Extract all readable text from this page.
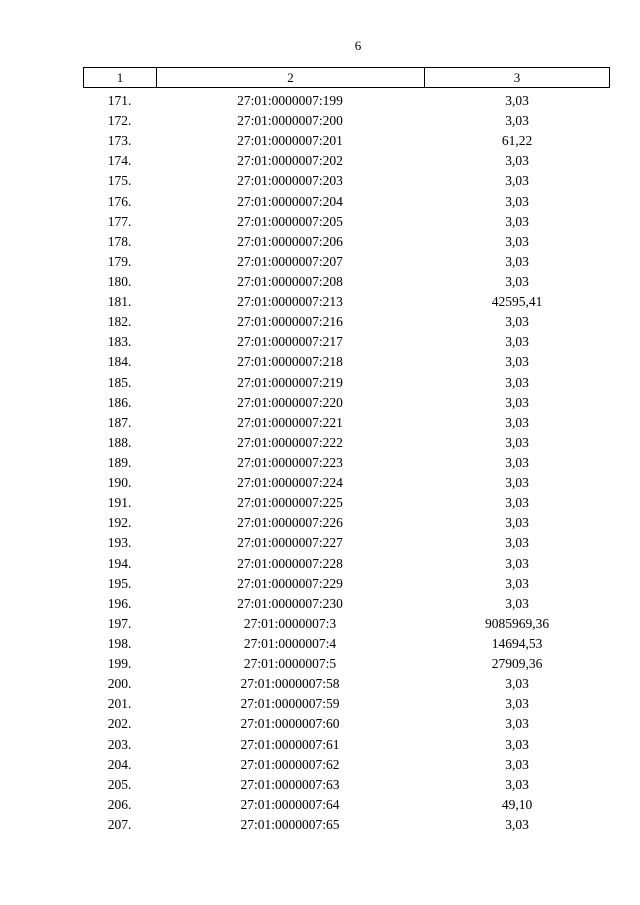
6
1	2	3
171.	27:01:0000007:199	3,03
172.	27:01:0000007:200	3,03
173.	27:01:0000007:201	61,22
174.	27:01:0000007:202	3,03
175.	27:01:0000007:203	3,03
176.	27:01:0000007:204	3,03
177.	27:01:0000007:205	3,03
178.	27:01:0000007:206	3,03
179.	27:01:0000007:207	3,03
180.	27:01:0000007:208	3,03
181.	27:01:0000007:213	42595,41
182.	27:01:0000007:216	3,03
183.	27:01:0000007:217	3,03
184.	27:01:0000007:218	3,03
185.	27:01:0000007:219	3,03
186.	27:01:0000007:220	3,03
187.	27:01:0000007:221	3,03
188.	27:01:0000007:222	3,03
189.	27:01:0000007:223	3,03
190.	27:01:0000007:224	3,03
191.	27:01:0000007:225	3,03
192.	27:01:0000007:226	3,03
193.	27:01:0000007:227	3,03
194.	27:01:0000007:228	3,03
195.	27:01:0000007:229	3,03
196.	27:01:0000007:230	3,03
197.	27:01:0000007:3	9085969,36
198.	27:01:0000007:4	14694,53
199.	27:01:0000007:5	27909,36
200.	27:01:0000007:58	3,03
201.	27:01:0000007:59	3,03
202.	27:01:0000007:60	3,03
203.	27:01:0000007:61	3,03
204.	27:01:0000007:62	3,03
205.	27:01:0000007:63	3,03
206.	27:01:0000007:64	49,10
207.	27:01:0000007:65	3,03
